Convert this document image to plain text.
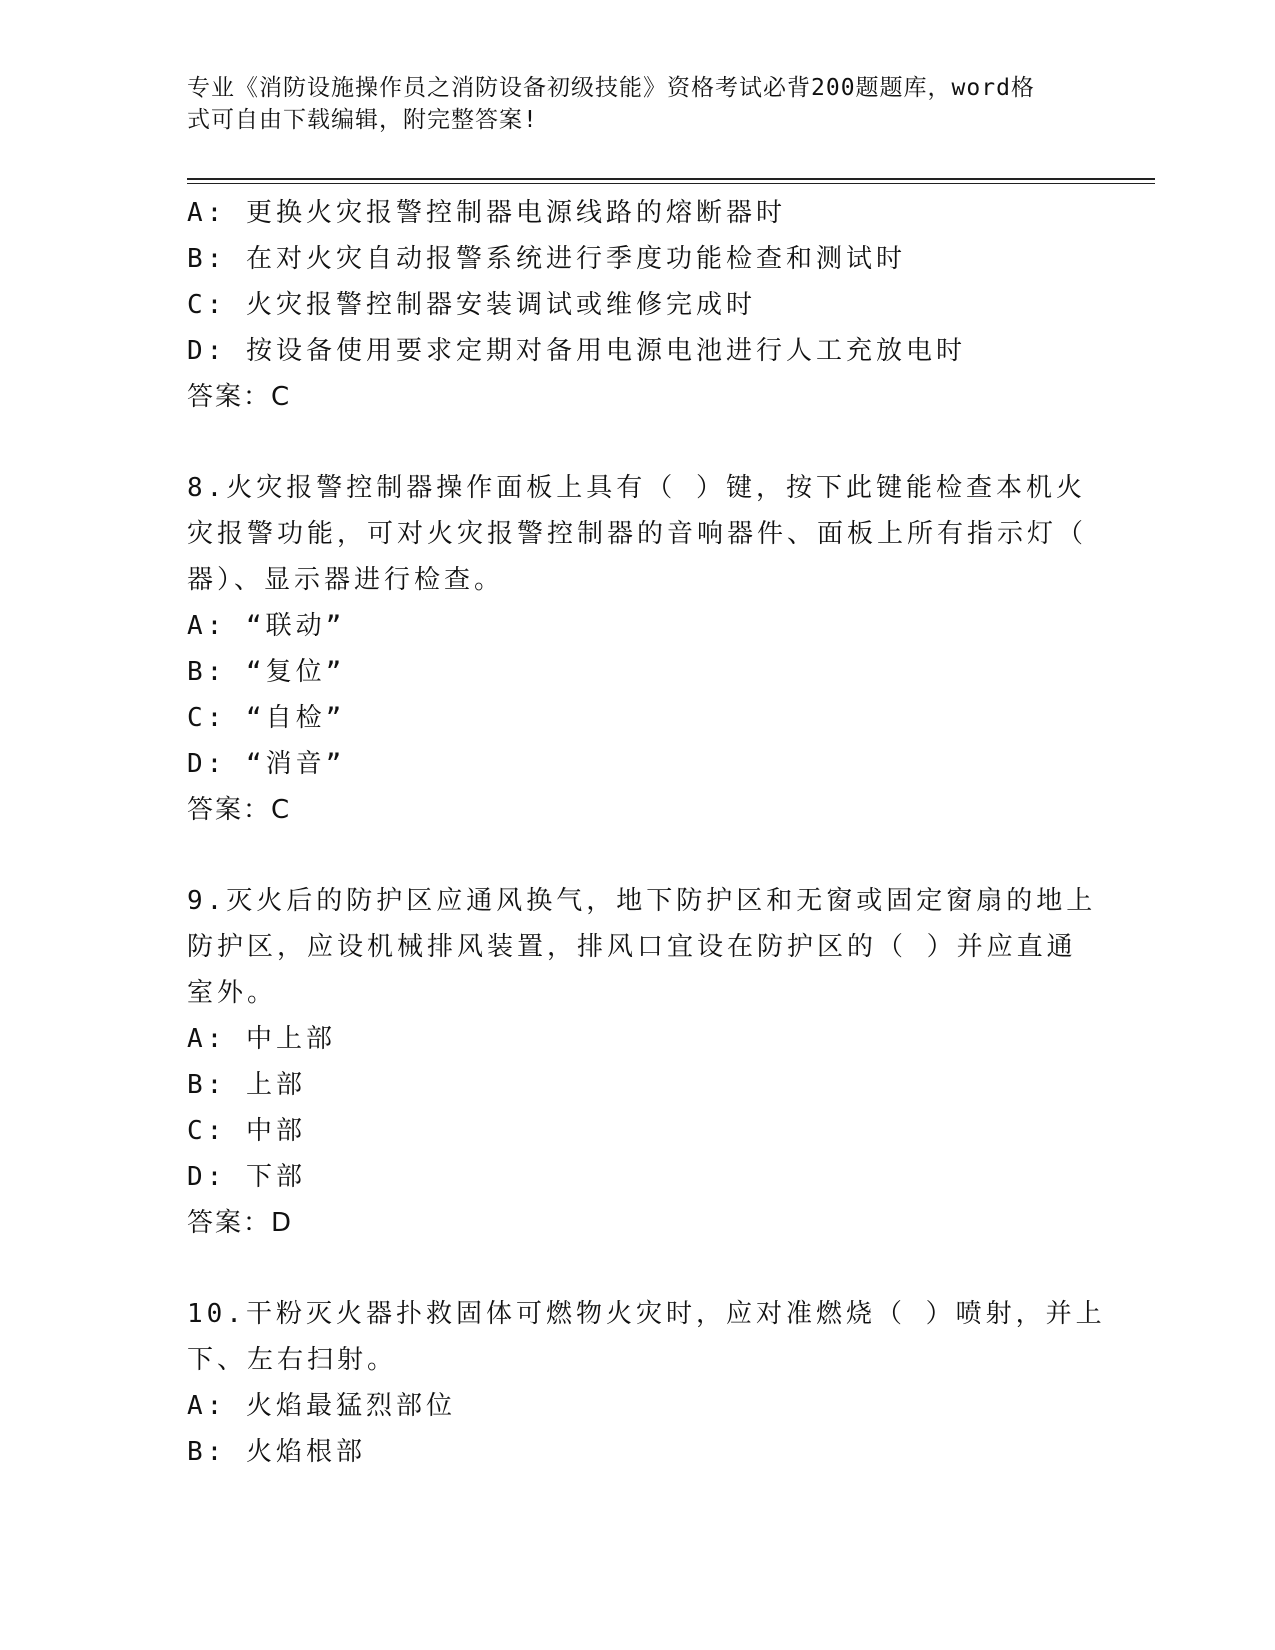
专业《消防设施操作员之消防设备初级技能》资格考试必背200题题库，word格
式可自由下载编辑，附完整答案!
A: 更换火灾报警控制器电源线路的熔断器时
B: 在对火灾自动报警系统进行季度功能检查和测试时
C: 火灾报警控制器安装调试或维修完成时
D: 按设备使用要求定期对备用电源电池进行人工充放电时
答案：C
8.火灾报警控制器操作面板上具有（ ）键，按下此键能检查本机火
灾报警功能，可对火灾报警控制器的音响器件、面板上所有指示灯（
器）、显示器进行检查。
A: “联动”
B: “复位”
C: “自检”
D: “消音”
答案：C
9.灭火后的防护区应通风换气，地下防护区和无窗或固定窗扇的地上
防护区，应设机械排风装置，排风口宜设在防护区的（ ）并应直通
室外。
A: 中上部
B: 上部
C: 中部
D: 下部
答案：D
10.干粉灭火器扑救固体可燃物火灾时，应对准燃烧（ ）喷射，并上
下、左右扫射。
A: 火焰最猛烈部位
B: 火焰根部
